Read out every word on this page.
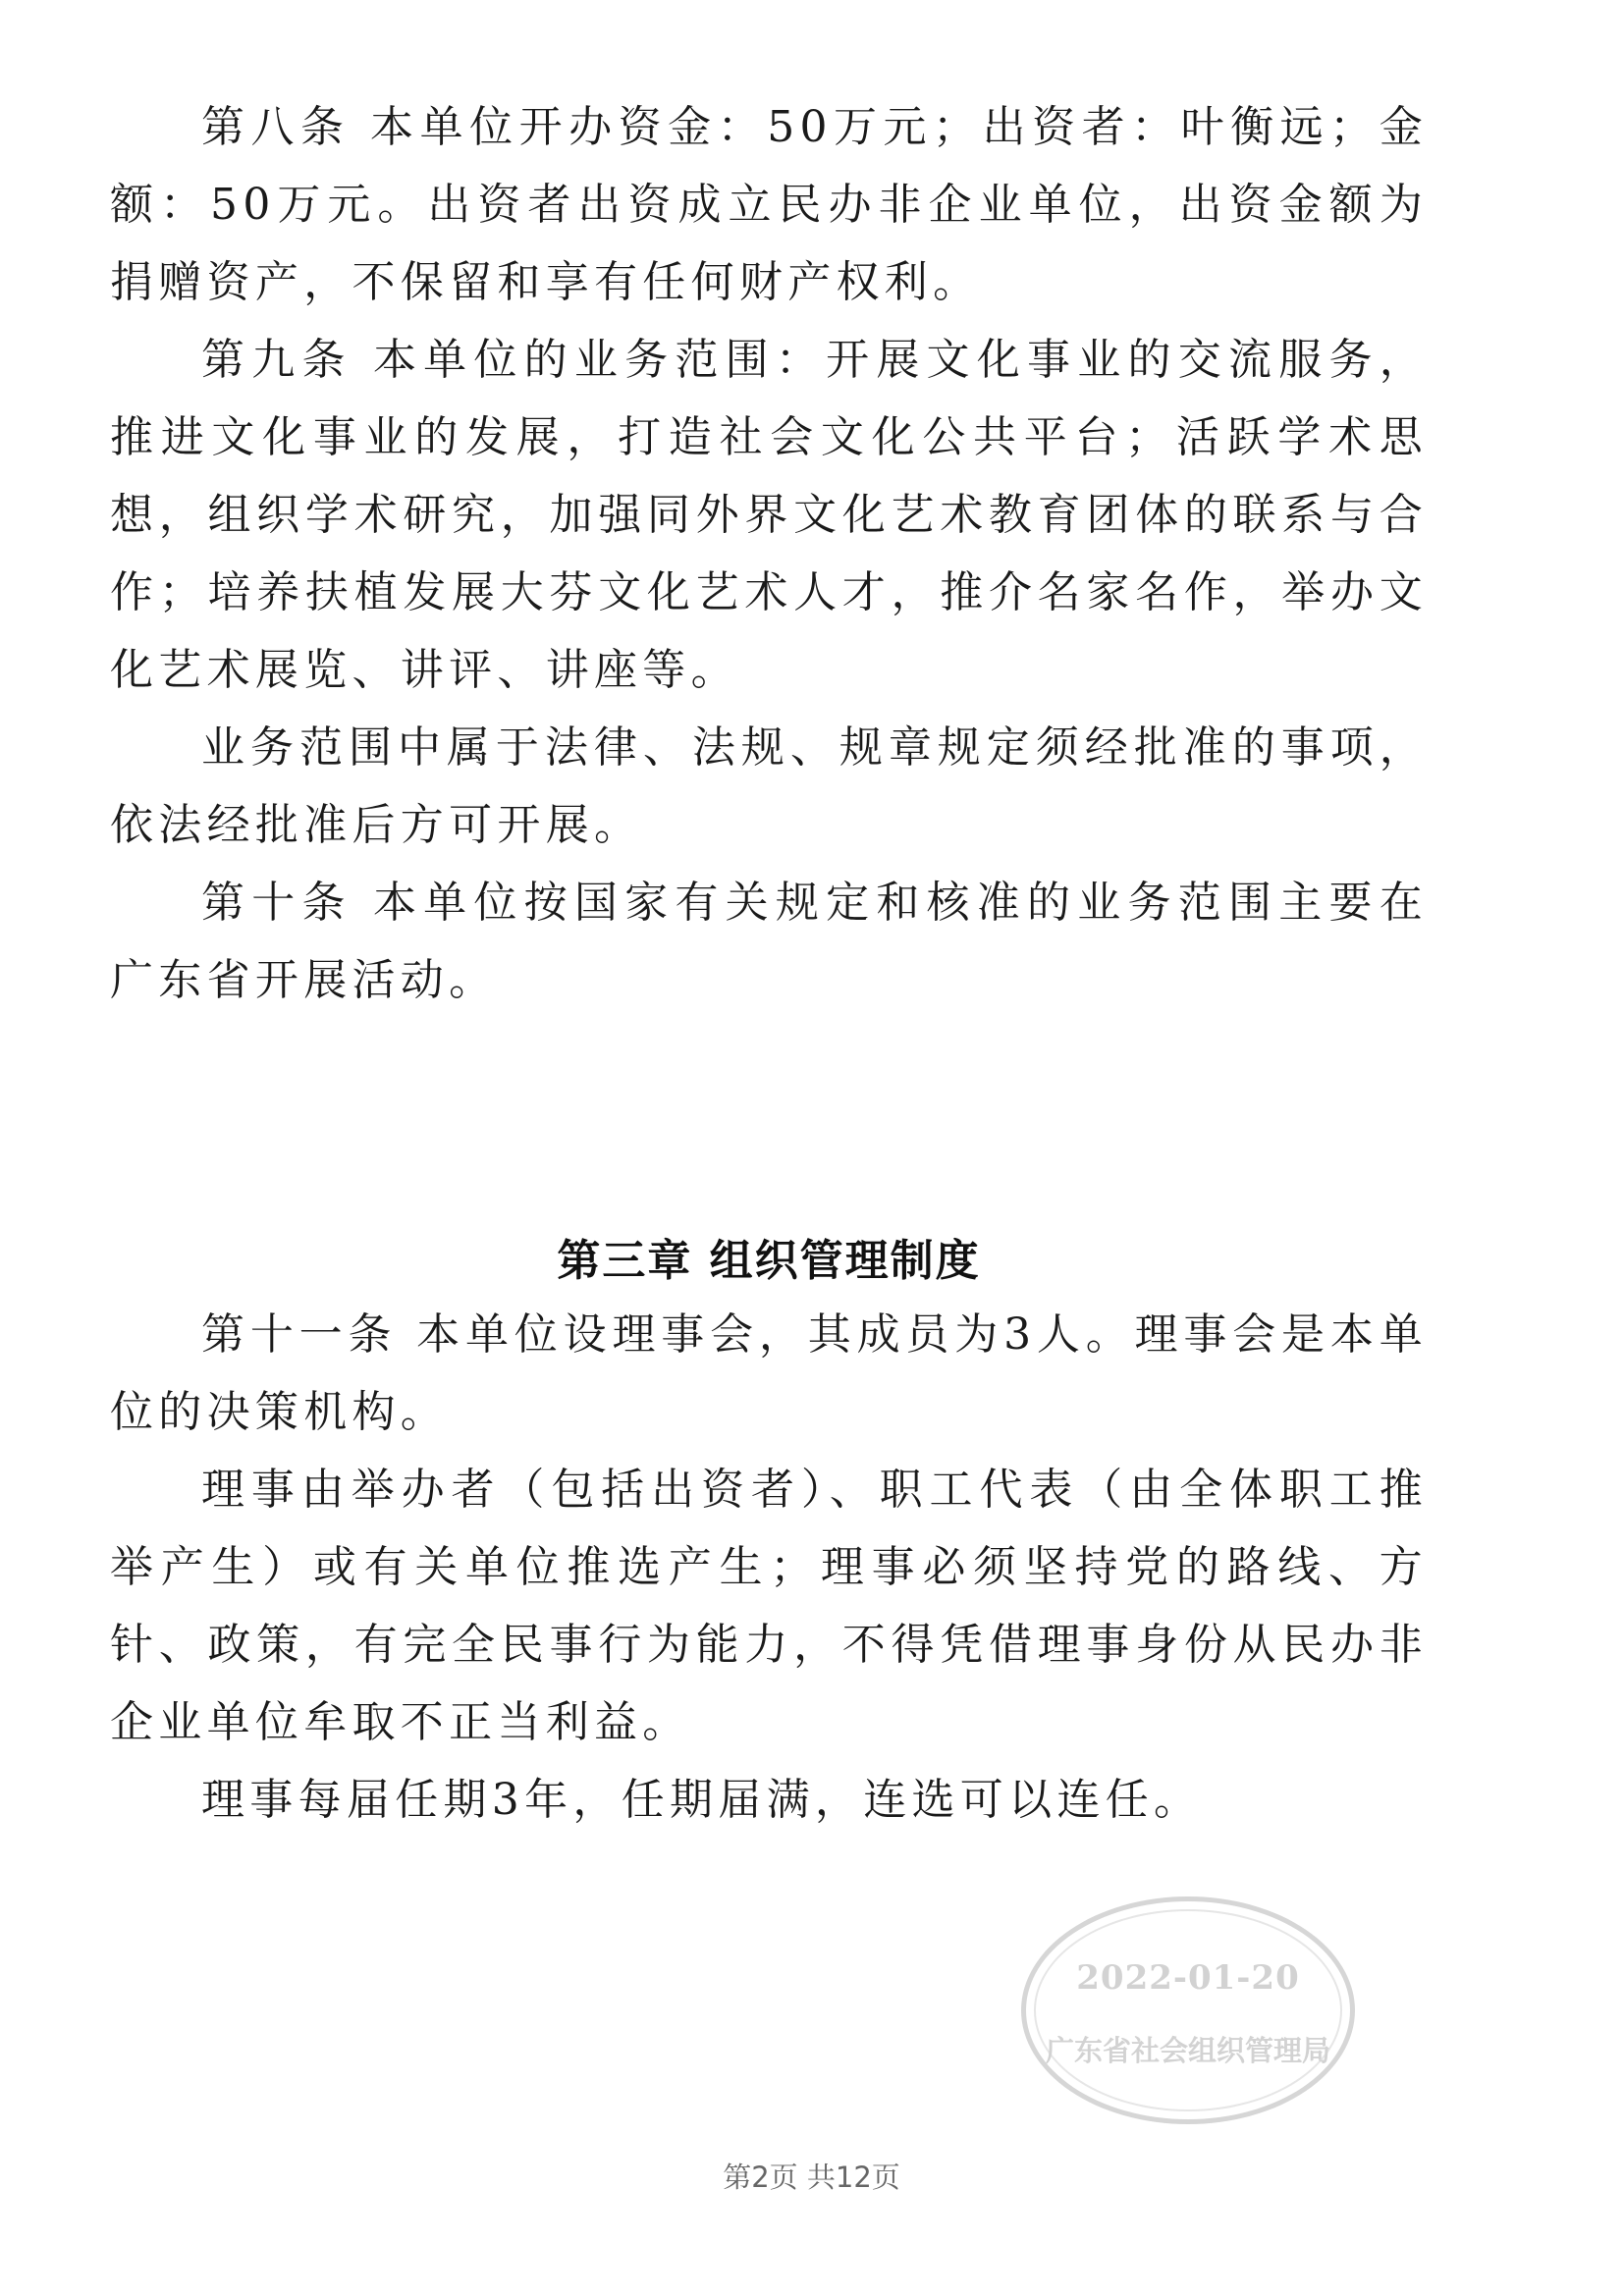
第八条 本单位开办资金：50万元；出资者：叶衡远；金额：50万元。出资者出资成立民办非企业单位，出资金额为捐赠资产，不保留和享有任何财产权利。

第九条 本单位的业务范围：开展文化事业的交流服务，推进文化事业的发展，打造社会文化公共平台；活跃学术思想，组织学术研究，加强同外界文化艺术教育团体的联系与合作；培养扶植发展大芬文化艺术人才，推介名家名作，举办文化艺术展览、讲评、讲座等。

业务范围中属于法律、法规、规章规定须经批准的事项，依法经批准后方可开展。

第十条 本单位按国家有关规定和核准的业务范围主要在广东省开展活动。

第三章 组织管理制度

第十一条 本单位设理事会，其成员为3人。理事会是本单位的决策机构。

理事由举办者（包括出资者）、职工代表（由全体职工推举产生）或有关单位推选产生；理事必须坚持党的路线、方针、政策，有完全民事行为能力，不得凭借理事身份从民办非企业单位牟取不正当利益。

理事每届任期3年，任期届满，连选可以连任。

2022-01-20
广东省社会组织管理局
第2页 共12页
